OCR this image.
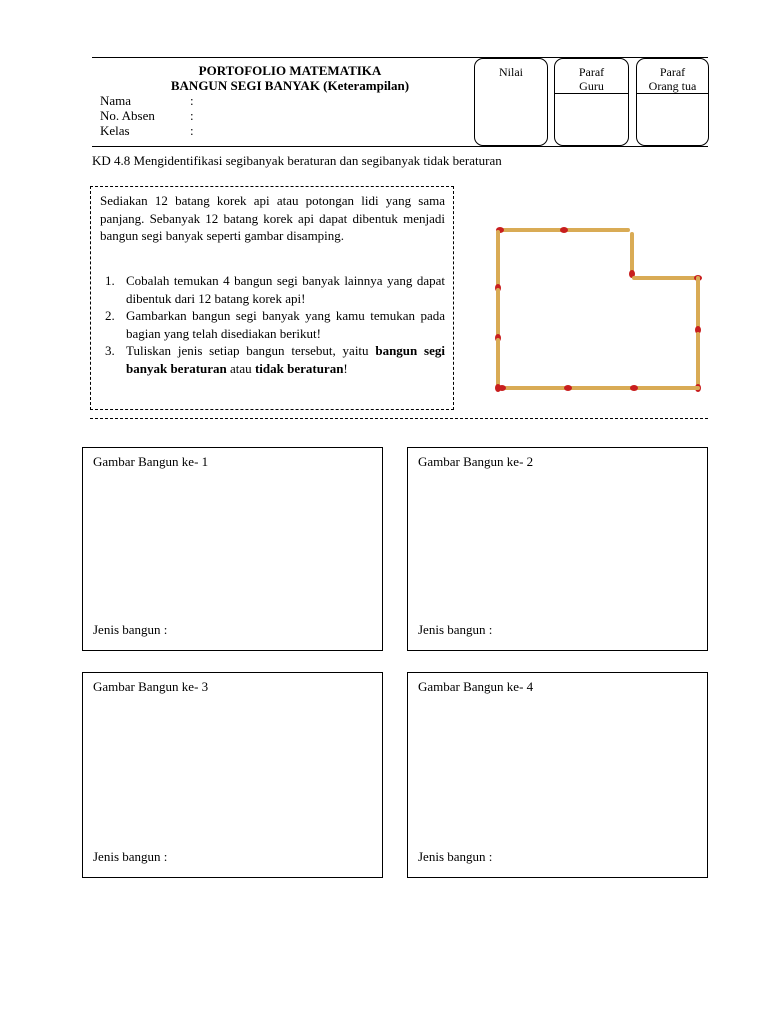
PORTOFOLIO MATEMATIKA
BANGUN SEGI BANYAK (Keterampilan)
Nama	:
No. Absen	:
Kelas	:
Nilai	Paraf
Guru
Paraf
Orang tua
KD 4.8 Mengidentifikasi segibanyak beraturan dan segibanyak tidak beraturan
Sediakan 12 batang korek api atau potongan lidi yang sama panjang. Sebanyak 12 batang korek api dapat dibentuk menjadi bangun segi banyak seperti gambar disamping.
1. Cobalah temukan 4 bangun segi banyak lainnya yang dapat dibentuk dari 12 batang korek api!
2. Gambarkan bangun segi banyak yang kamu temukan pada bagian yang telah disediakan berikut!
3. Tuliskan jenis setiap bangun tersebut, yaitu bangun segi banyak beraturan atau tidak beraturan!
Gambar Bangun ke- 1
Jenis bangun :
Gambar Bangun ke- 2
Jenis bangun :
Gambar Bangun ke- 3
Jenis bangun :
Gambar Bangun ke- 4
Jenis bangun :
